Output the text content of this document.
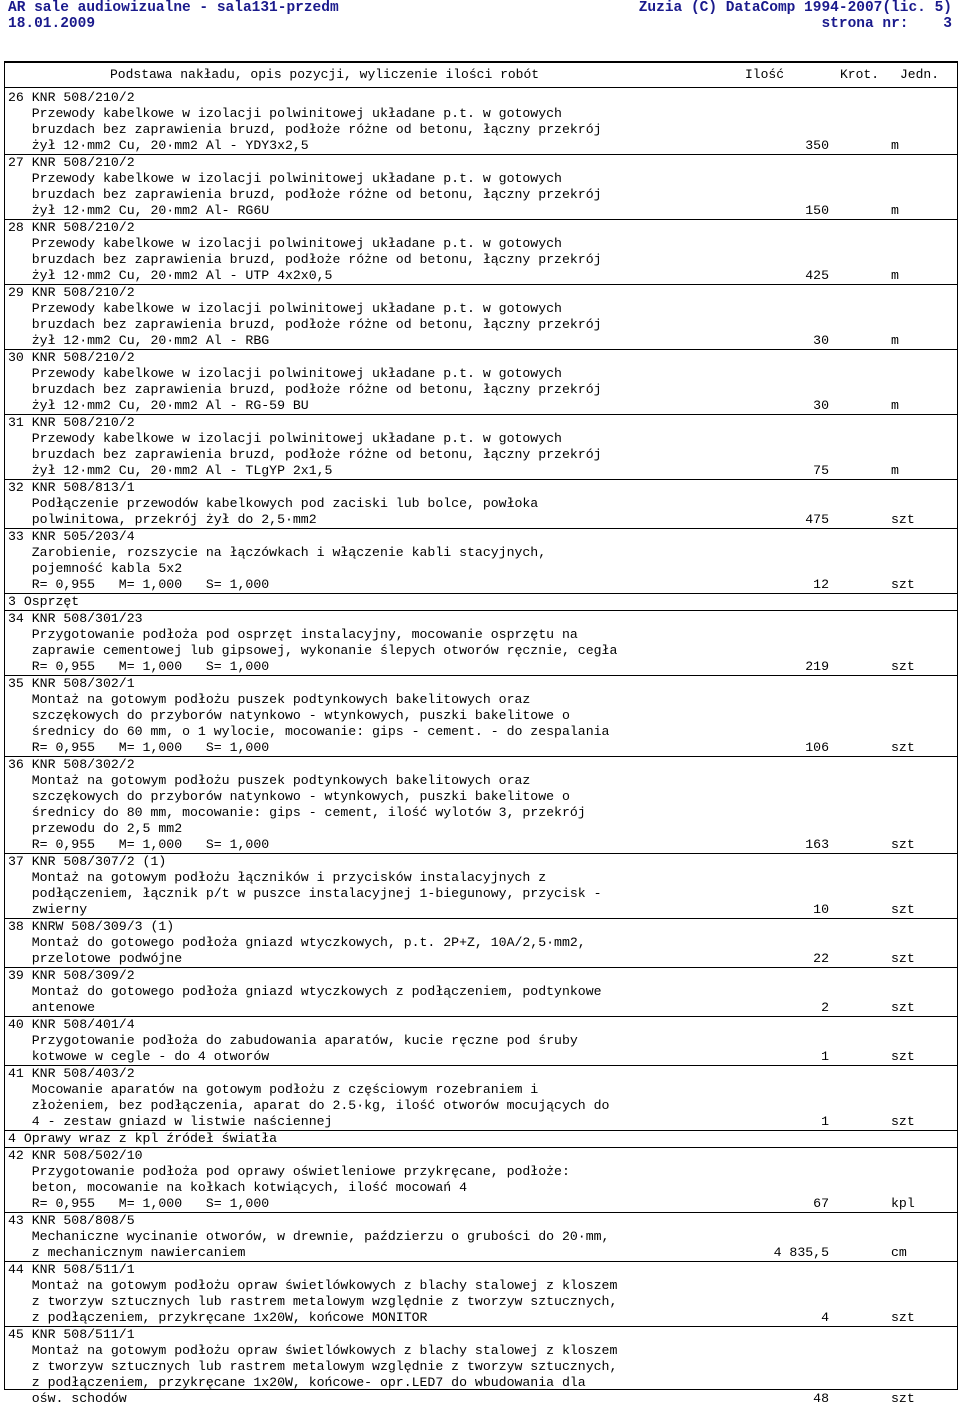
AR sale audiowizualne - sala131-przedm
18.01.2009
Zuzia (C) DataComp 1994-2007(lic. 5)
strona nr:    3
Podstawa nakładu, opis pozycji, wyliczenie ilości robót	Ilość	Krot. Jedn.
26 KNR 508/210/2
Przewody kabelkowe w izolacji polwinitowej układane p.t. w gotowych
bruzdach bez zaprawienia bruzd, podłoże różne od betonu, łączny przekrój
żył 12·mm2 Cu, 20·mm2 Al - YDY3x2,5	350	m
27 KNR 508/210/2
Przewody kabelkowe w izolacji polwinitowej układane p.t. w gotowych
bruzdach bez zaprawienia bruzd, podłoże różne od betonu, łączny przekrój
żył 12·mm2 Cu, 20·mm2 Al- RG6U	150	m
28 KNR 508/210/2
Przewody kabelkowe w izolacji polwinitowej układane p.t. w gotowych
bruzdach bez zaprawienia bruzd, podłoże różne od betonu, łączny przekrój
żył 12·mm2 Cu, 20·mm2 Al - UTP 4x2x0,5	425	m
29 KNR 508/210/2
Przewody kabelkowe w izolacji polwinitowej układane p.t. w gotowych
bruzdach bez zaprawienia bruzd, podłoże różne od betonu, łączny przekrój
żył 12·mm2 Cu, 20·mm2 Al - RBG	30	m
30 KNR 508/210/2
Przewody kabelkowe w izolacji polwinitowej układane p.t. w gotowych
bruzdach bez zaprawienia bruzd, podłoże różne od betonu, łączny przekrój
żył 12·mm2 Cu, 20·mm2 Al - RG-59 BU	30	m
31 KNR 508/210/2
Przewody kabelkowe w izolacji polwinitowej układane p.t. w gotowych
bruzdach bez zaprawienia bruzd, podłoże różne od betonu, łączny przekrój
żył 12·mm2 Cu, 20·mm2 Al - TLgYP 2x1,5	75	m
32 KNR 508/813/1
Podłączenie przewodów kabelkowych pod zaciski lub bolce, powłoka
polwinitowa, przekrój żył do 2,5·mm2	475	szt
33 KNR 505/203/4
Zarobienie, rozszycie na łączówkach i włączenie kabli stacyjnych,
pojemność kabla 5x2
R= 0,955   M= 1,000   S= 1,000	12	szt
3 Osprzęt
34 KNR 508/301/23
Przygotowanie podłoża pod osprzęt instalacyjny, mocowanie osprzętu na
zaprawie cementowej lub gipsowej, wykonanie ślepych otworów ręcznie, cegła
R= 0,955   M= 1,000   S= 1,000	219	szt
35 KNR 508/302/1
Montaż na gotowym podłożu puszek podtynkowych bakelitowych oraz
szczękowych do przyborów natynkowo - wtynkowych, puszki bakelitowe o
średnicy do 60 mm, o 1 wylocie, mocowanie: gips - cement. - do zespalania
R= 0,955   M= 1,000   S= 1,000	106	szt
36 KNR 508/302/2
Montaż na gotowym podłożu puszek podtynkowych bakelitowych oraz
szczękowych do przyborów natynkowo - wtynkowych, puszki bakelitowe o
średnicy do 80 mm, mocowanie: gips - cement, ilość wylotów 3, przekrój
przewodu do 2,5 mm2
R= 0,955   M= 1,000   S= 1,000	163	szt
37 KNR 508/307/2 (1)
Montaż na gotowym podłożu łączników i przycisków instalacyjnych z
podłączeniem, łącznik p/t w puszce instalacyjnej 1-biegunowy, przycisk -
zwierny	10	szt
38 KNRW 508/309/3 (1)
Montaż do gotowego podłoża gniazd wtyczkowych, p.t. 2P+Z, 10A/2,5·mm2,
przelotowe podwójne	22	szt
39 KNR 508/309/2
Montaż do gotowego podłoża gniazd wtyczkowych z podłączeniem, podtynkowe
antenowe	2	szt
40 KNR 508/401/4
Przygotowanie podłoża do zabudowania aparatów, kucie ręczne pod śruby
kotwowe w cegle - do 4 otworów	1	szt
41 KNR 508/403/2
Mocowanie aparatów na gotowym podłożu z częściowym rozebraniem i
złożeniem, bez podłączenia, aparat do 2.5·kg, ilość otworów mocujących do
4 - zestaw gniazd w listwie naściennej	1	szt
4 Oprawy wraz z kpl źródeł światła
42 KNR 508/502/10
Przygotowanie podłoża pod oprawy oświetleniowe przykręcane, podłoże:
beton, mocowanie na kołkach kotwiących, ilość mocowań 4
R= 0,955   M= 1,000   S= 1,000	67	kpl
43 KNR 508/808/5
Mechaniczne wycinanie otworów, w drewnie, paździerzu o grubości do 20·mm,
z mechanicznym nawiercaniem	4 835,5	cm
44 KNR 508/511/1
Montaż na gotowym podłożu opraw świetlówkowych z blachy stalowej z kloszem
z tworzyw sztucznych lub rastrem metalowym względnie z tworzyw sztucznych,
z podłączeniem, przykręcane 1x20W, końcowe MONITOR	4	szt
45 KNR 508/511/1
Montaż na gotowym podłożu opraw świetlówkowych z blachy stalowej z kloszem
z tworzyw sztucznych lub rastrem metalowym względnie z tworzyw sztucznych,
z podłączeniem, przykręcane 1x20W, końcowe- opr.LED7 do wbudowania dla
ośw. schodów	48	szt
